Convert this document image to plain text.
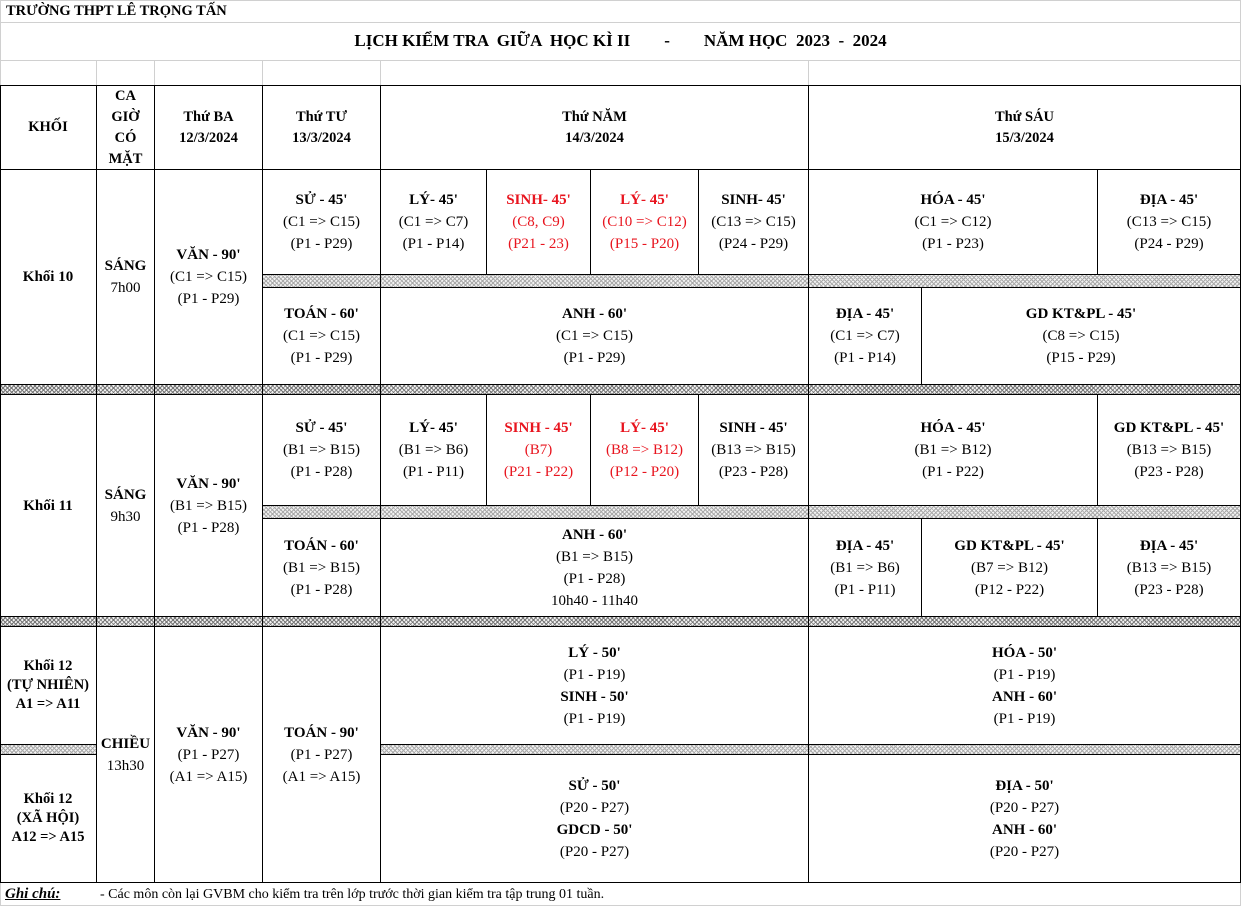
TRƯỜNG THPT LÊ TRỌNG TẤN
LỊCH KIỂM TRA  GIỮA  HỌC KÌ II - NĂM HỌC  2023  -  2024
KHỐI
CA
GIỜ
CÓ
MẶT
Thứ BA
12/3/2024
Thứ TƯ
13/3/2024
Thứ NĂM
14/3/2024
Thứ SÁU
15/3/2024
Khối 10
SÁNG
7h00
VĂN - 90'
(C1 => C15)
(P1 - P29)
SỬ - 45'
(C1 => C15)
(P1 - P29)
TOÁN - 60'
(C1 => C15)
(P1 - P29)
LÝ- 45'
(C1 => C7)
(P1 - P14)
SINH- 45'
(C8, C9)
(P21 - 23)
LÝ- 45'
(C10 => C12)
(P15 - P20)
SINH- 45'
(C13 => C15)
(P24 - P29)
ANH - 60'
(C1 => C15)
(P1 - P29)
HÓA - 45'
(C1 => C12)
(P1 - P23)
ĐỊA - 45'
(C13 => C15)
(P24 - P29)
ĐỊA - 45'
(C1 => C7)
(P1 - P14)
GD KT&PL - 45'
(C8 => C15)
(P15 - P29)
Khối 11
SÁNG
9h30
VĂN - 90'
(B1 => B15)
(P1 - P28)
SỬ - 45'
(B1 => B15)
(P1 - P28)
TOÁN - 60'
(B1 => B15)
(P1 - P28)
LÝ- 45'
(B1 => B6)
(P1 - P11)
SINH - 45'
(B7)
(P21 - P22)
LÝ- 45'
(B8 => B12)
(P12 - P20)
SINH - 45'
(B13 => B15)
(P23 - P28)
ANH - 60'
(B1 => B15)
(P1 - P28)
10h40 - 11h40
HÓA - 45'
(B1 => B12)
(P1 - P22)
GD KT&PL - 45'
(B13 => B15)
(P23 - P28)
ĐỊA - 45'
(B1 => B6)
(P1 - P11)
GD KT&PL - 45'
(B7 => B12)
(P12 - P22)
ĐỊA - 45'
(B13 => B15)
(P23 - P28)
Khối 12
(TỰ NHIÊN)
A1 => A11
Khối 12
(XÃ HỘI)
A12 => A15
CHIỀU
13h30
VĂN - 90'
(P1 - P27)
(A1 => A15)
TOÁN - 90'
(P1 - P27)
(A1 => A15)
LÝ - 50'
(P1 - P19)
SINH - 50'
(P1 - P19)
HÓA - 50'
(P1 - P19)
ANH - 60'
(P1 - P19)
SỬ - 50'
(P20 - P27)
GDCD - 50'
(P20 - P27)
ĐỊA - 50'
(P20 - P27)
ANH - 60'
(P20 - P27)
Ghi chú:	- Các môn còn lại GVBM cho kiểm tra trên lớp trước thời gian kiểm tra tập trung 01 tuần.
